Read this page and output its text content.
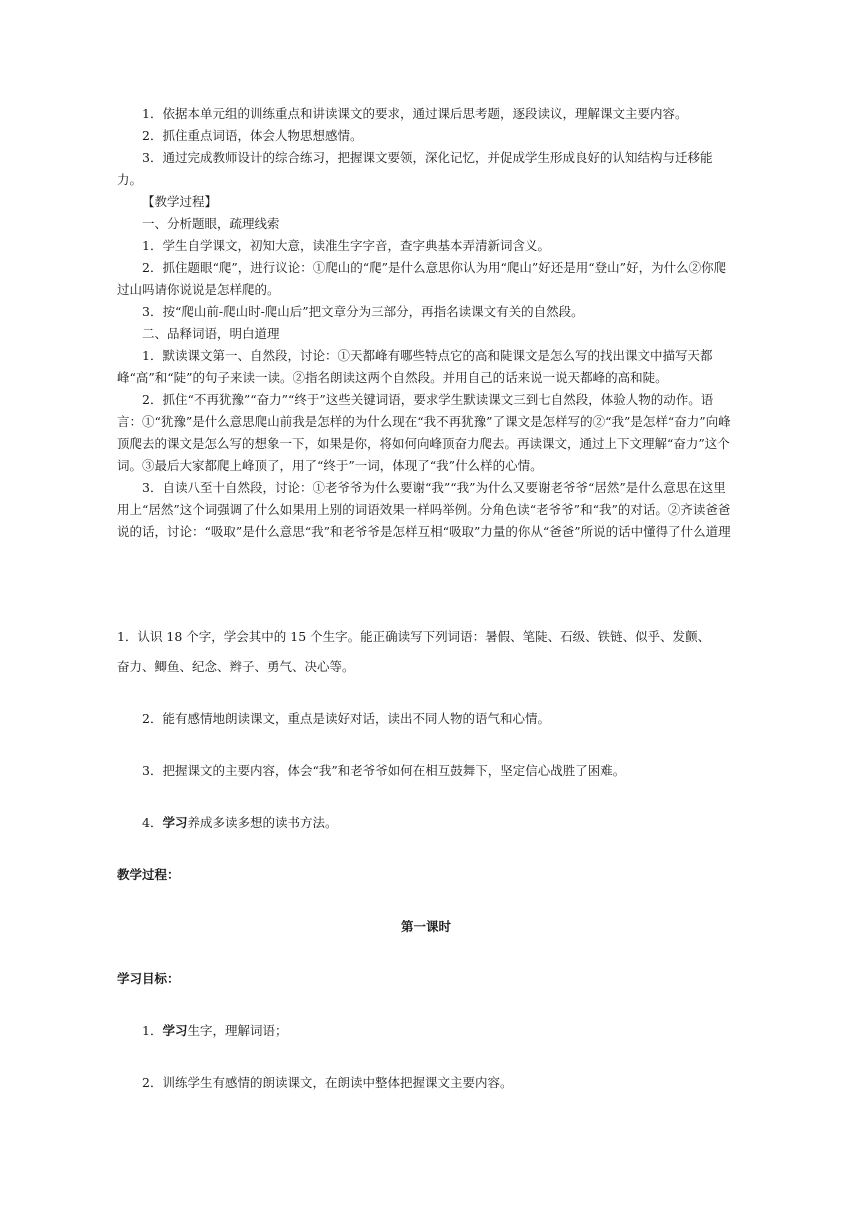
1．依据本单元组的训练重点和讲读课文的要求，通过课后思考题，逐段读议，理解课文主要内容。

2．抓住重点词语，体会人物思想感情。

3．通过完成教师设计的综合练习，把握课文要领，深化记忆，并促成学生形成良好的认知结构与迁移能力。

【教学过程】

一、分析题眼，疏理线索

1．学生自学课文，初知大意，读准生字字音，查字典基本弄清新词含义。

2．抓住题眼“爬”，进行议论：①爬山的“爬”是什么意思你认为用“爬山”好还是用“登山”好，为什么②你爬过山吗请你说说是怎样爬的。

3．按“爬山前-爬山时-爬山后”把文章分为三部分，再指名读课文有关的自然段。

二、品释词语，明白道理

1．默读课文第一、自然段，讨论：①天都峰有哪些特点它的高和陡课文是怎么写的找出课文中描写天都峰“高”和“陡”的句子来读一读。②指名朗读这两个自然段。并用自己的话来说一说天都峰的高和陡。

2．抓住“不再犹豫”“奋力”“终于”这些关键词语，要求学生默读课文三到七自然段，体验人物的动作。语言：①“犹豫”是什么意思爬山前我是怎样的为什么现在“我不再犹豫”了课文是怎样写的②“我”是怎样“奋力”向峰顶爬去的课文是怎么写的想象一下，如果是你，将如何向峰顶奋力爬去。再读课文，通过上下文理解“奋力”这个词。③最后大家都爬上峰顶了，用了“终于”一词，体现了“我”什么样的心情。

3．自读八至十自然段，讨论：①老爷爷为什么要谢“我”“我”为什么又要谢老爷爷“居然”是什么意思在这里用上“居然”这个词强调了什么如果用上别的词语效果一样吗举例。分角色读“老爷爷”和“我”的对话。②齐读爸爸说的话，讨论：“吸取”是什么意思“我”和老爷爷是怎样互相“吸取”力量的你从“爸爸”所说的话中懂得了什么道理

1．认识 18 个字，学会其中的 15 个生字。能正确读写下列词语：暑假、笔陡、石级、铁链、似乎、发颤、

奋力、鲫鱼、纪念、辫子、勇气、决心等。

2．能有感情地朗读课文，重点是读好对话，读出不同人物的语气和心情。

3．把握课文的主要内容，体会“我”和老爷爷如何在相互鼓舞下，坚定信心战胜了困难。

4．学习养成多读多想的读书方法。

教学过程：

第一课时

学习目标：

1．学习生字，理解词语；

2．训练学生有感情的朗读课文，在朗读中整体把握课文主要内容。
